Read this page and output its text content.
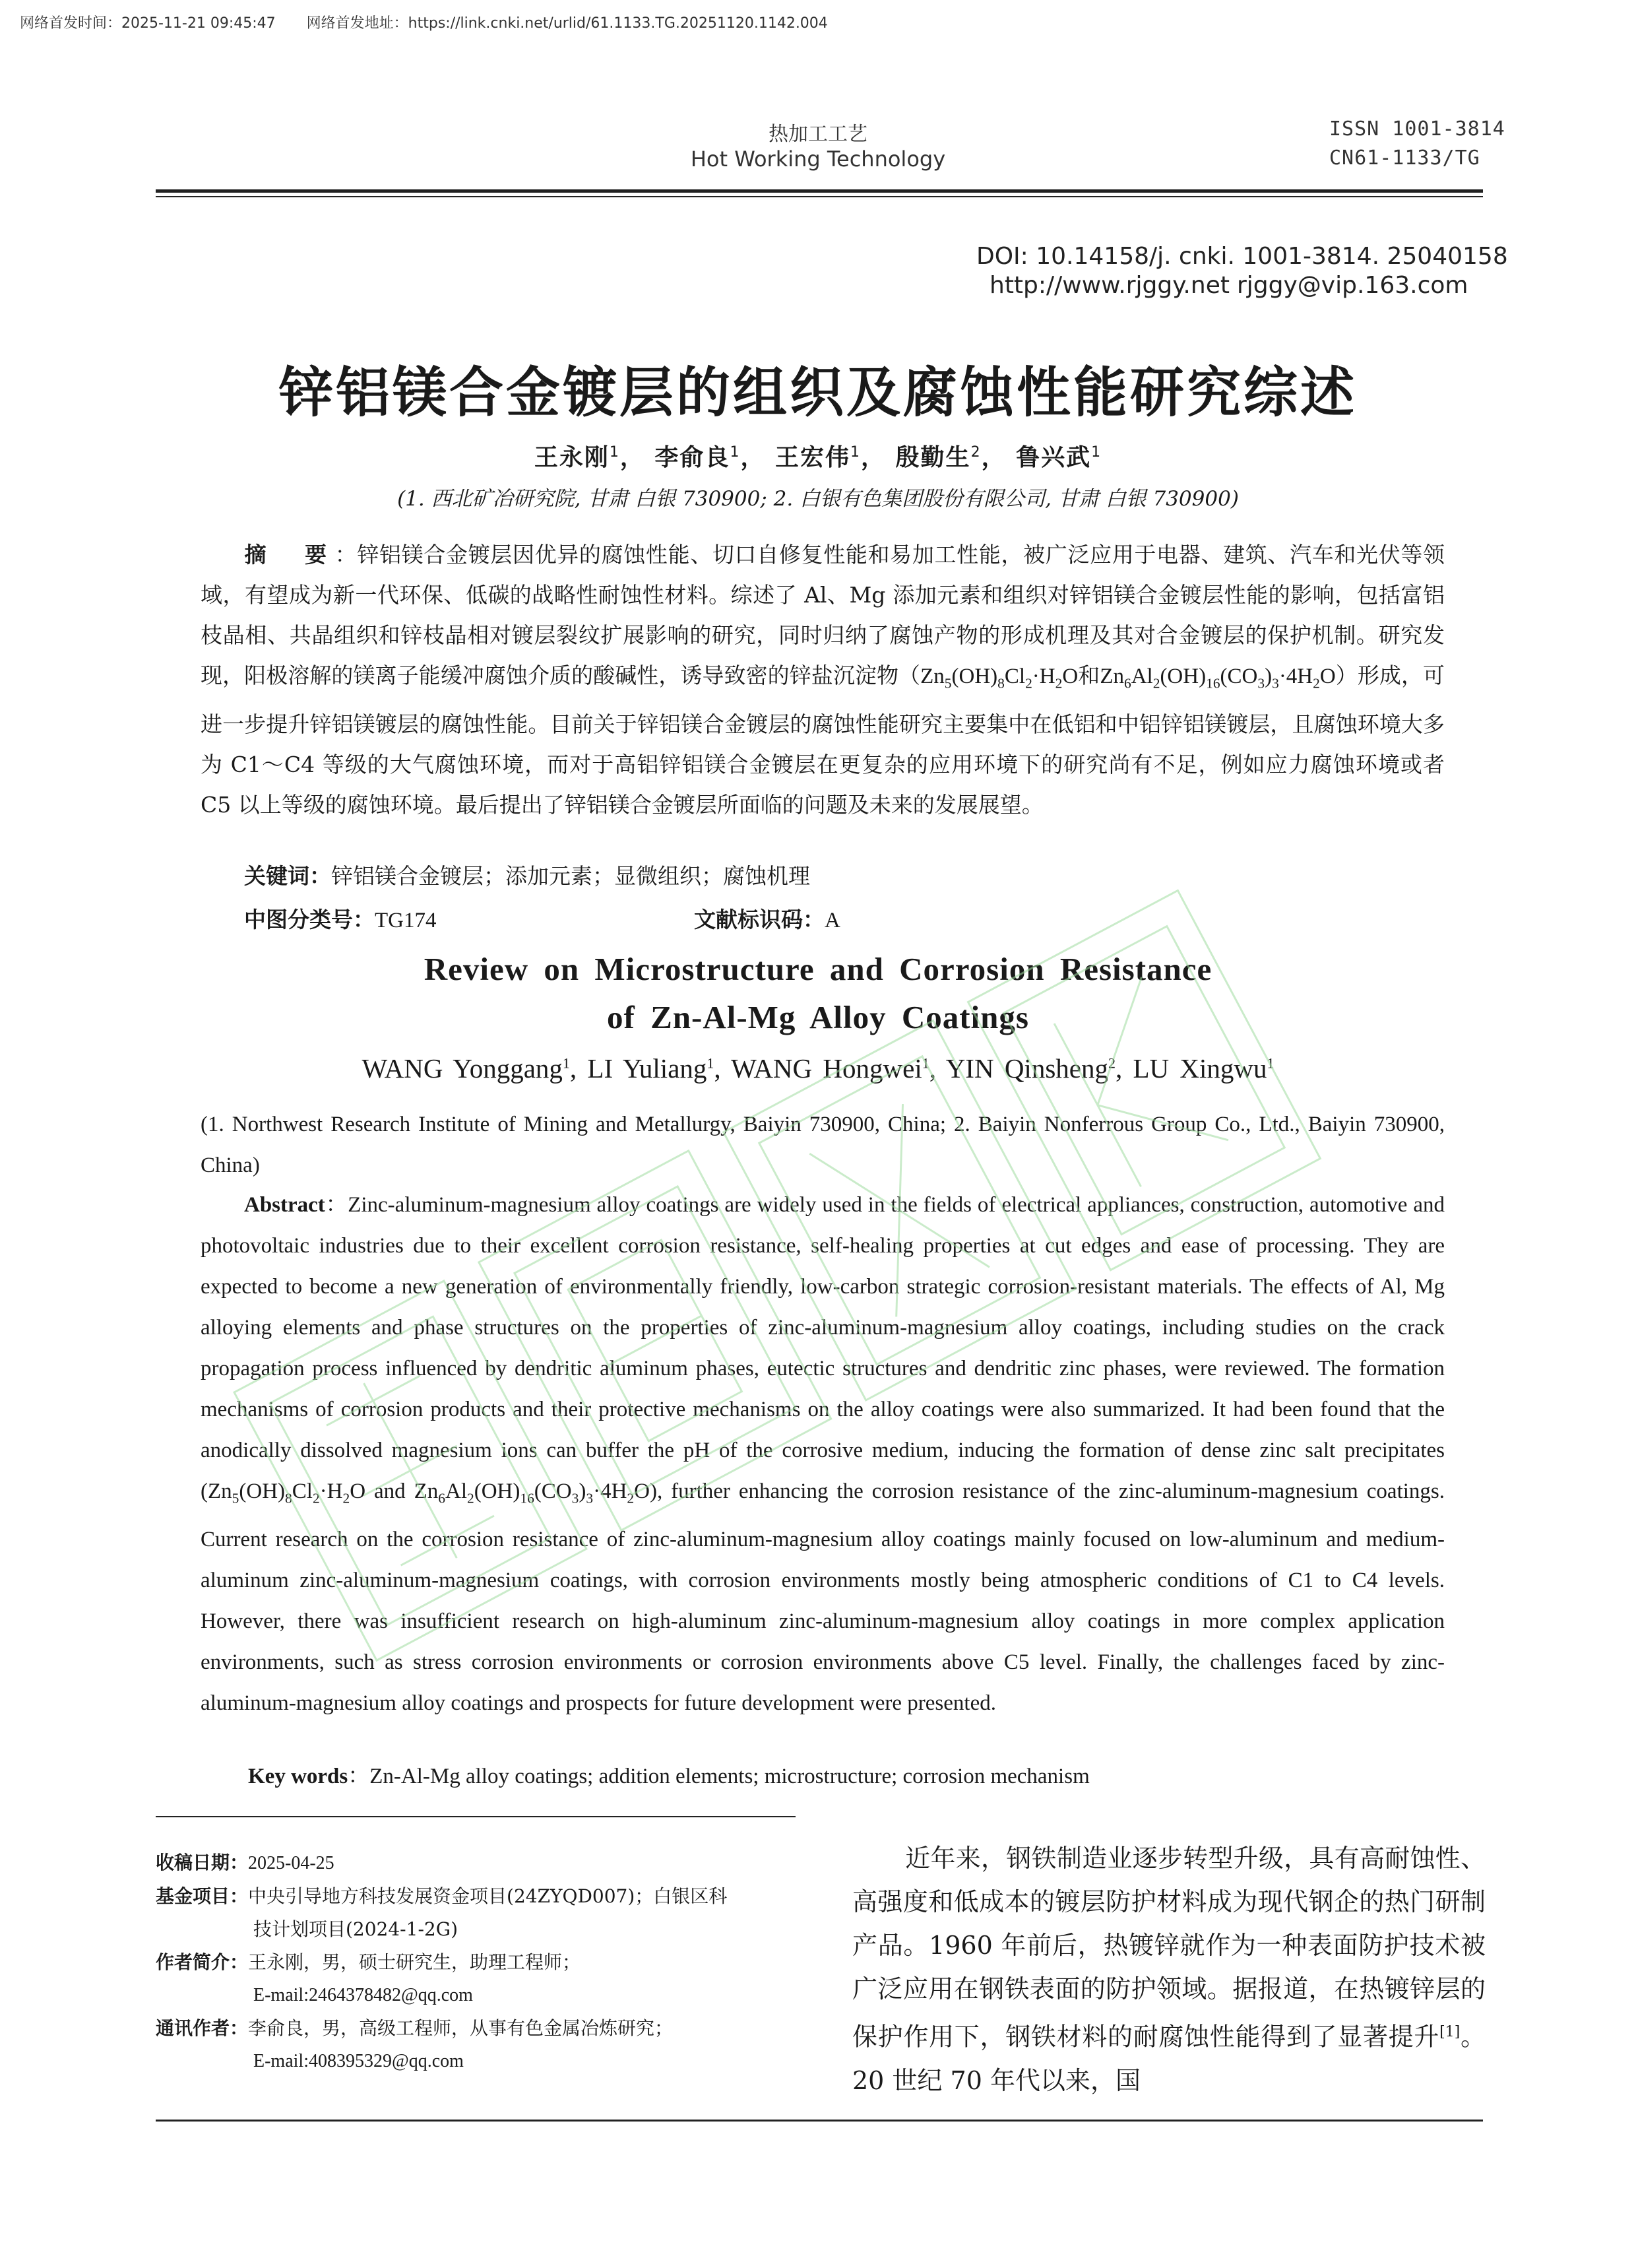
网络首发时间：2025-11-21 09:45:47 网络首发地址：https://link.cnki.net/urlid/61.1133.TG.20251120.1142.004
热加工工艺
Hot Working Technology
ISSN 1001-3814
CN61-1133/TG
DOI: 10.14158/j. cnki. 1001-3814. 25040158
http://www.rjggy.net rjggy@vip.163.com
锌铝镁合金镀层的组织及腐蚀性能研究综述
王永刚$^1$， 李俞良$^1$， 王宏伟$^1$， 殷勤生$^2$， 鲁兴武$^1$
(1. 西北矿冶研究院, 甘肃 白银 730900; 2. 白银有色集团股份有限公司, 甘肃 白银 730900)
摘　要：锌铝镁合金镀层因优异的腐蚀性能、切口自修复性能和易加工性能，被广泛应用于电器、建筑、汽车和光伏等领域，有望成为新一代环保、低碳的战略性耐蚀性材料。综述了 Al、Mg 添加元素和组织对锌铝镁合金镀层性能的影响，包括富铝枝晶相、共晶组织和锌枝晶相对镀层裂纹扩展影响的研究，同时归纳了腐蚀产物的形成机理及其对合金镀层的保护机制。研究发现，阳极溶解的镁离子能缓冲腐蚀介质的酸碱性，诱导致密的锌盐沉淀物（$Zn_5(OH)_8Cl_2\cdot H_2O$和$Zn_6Al_2(OH)_{16}(CO_3)_3\cdot 4H_2O$）形成，可进一步提升锌铝镁镀层的腐蚀性能。目前关于锌铝镁合金镀层的腐蚀性能研究主要集中在低铝和中铝锌铝镁镀层，且腐蚀环境大多为 C1～C4 等级的大气腐蚀环境，而对于高铝锌铝镁合金镀层在更复杂的应用环境下的研究尚有不足，例如应力腐蚀环境或者 C5 以上等级的腐蚀环境。最后提出了锌铝镁合金镀层所面临的问题及未来的发展展望。
关键词：锌铝镁合金镀层；添加元素；显微组织；腐蚀机理
中图分类号：TG174	文献标识码：A
Review on Microstructure and Corrosion Resistance
of Zn-Al-Mg Alloy Coatings
WANG Yonggang$^1$, LI Yuliang$^1$, WANG Hongwei$^1$, YIN Qinsheng$^2$, LU Xingwu$^1$
(1. Northwest Research Institute of Mining and Metallurgy, Baiyin 730900, China; 2. Baiyin Nonferrous Group Co., Ltd., Baiyin 730900, China)
Abstract：Zinc-aluminum-magnesium alloy coatings are widely used in the fields of electrical appliances, construction, automotive and photovoltaic industries due to their excellent corrosion resistance, self-healing properties at cut edges and ease of processing. They are expected to become a new generation of environmentally friendly, low-carbon strategic corrosion-resistant materials. The effects of Al, Mg alloying elements and phase structures on the properties of zinc-aluminum-magnesium alloy coatings, including studies on the crack propagation process influenced by dendritic aluminum phases, eutectic structures and dendritic zinc phases, were reviewed. The formation mechanisms of corrosion products and their protective mechanisms on the alloy coatings were also summarized. It had been found that the anodically dissolved magnesium ions can buffer the pH of the corrosive medium, inducing the formation of dense zinc salt precipitates ($Zn_5(OH)_8Cl_2\cdot H_2O$ and $Zn_6Al_2(OH)_{16}(CO_3)_3\cdot 4H_2O$), further enhancing the corrosion resistance of the zinc-aluminum-magnesium coatings. Current research on the corrosion resistance of zinc-aluminum-magnesium alloy coatings mainly focused on low-aluminum and medium-aluminum zinc-aluminum-magnesium coatings, with corrosion environments mostly being atmospheric conditions of C1 to C4 levels. However, there was insufficient research on high-aluminum zinc-aluminum-magnesium alloy coatings in more complex application environments, such as stress corrosion environments or corrosion environments above C5 level. Finally, the challenges faced by zinc-aluminum-magnesium alloy coatings and prospects for future development were presented.
Key words：Zn-Al-Mg alloy coatings; addition elements; microstructure; corrosion mechanism
收稿日期：2025-04-25
基金项目：中央引导地方科技发展资金项目(24ZYQD007)；白银区科
技计划项目(2024-1-2G)
作者简介：王永刚，男，硕士研究生，助理工程师；
E-mail:2464378482@qq.com
通讯作者：李俞良，男，高级工程师，从事有色金属冶炼研究；
E-mail:408395329@qq.com
近年来，钢铁制造业逐步转型升级，具有高耐蚀性、高强度和低成本的镀层防护材料成为现代钢企的热门研制产品。1960 年前后，热镀锌就作为一种表面防护技术被广泛应用在钢铁表面的防护领域。据报道，在热镀锌层的保护作用下，钢铁材料的耐腐蚀性能得到了显著提升[1]。20 世纪 70 年代以来，国
